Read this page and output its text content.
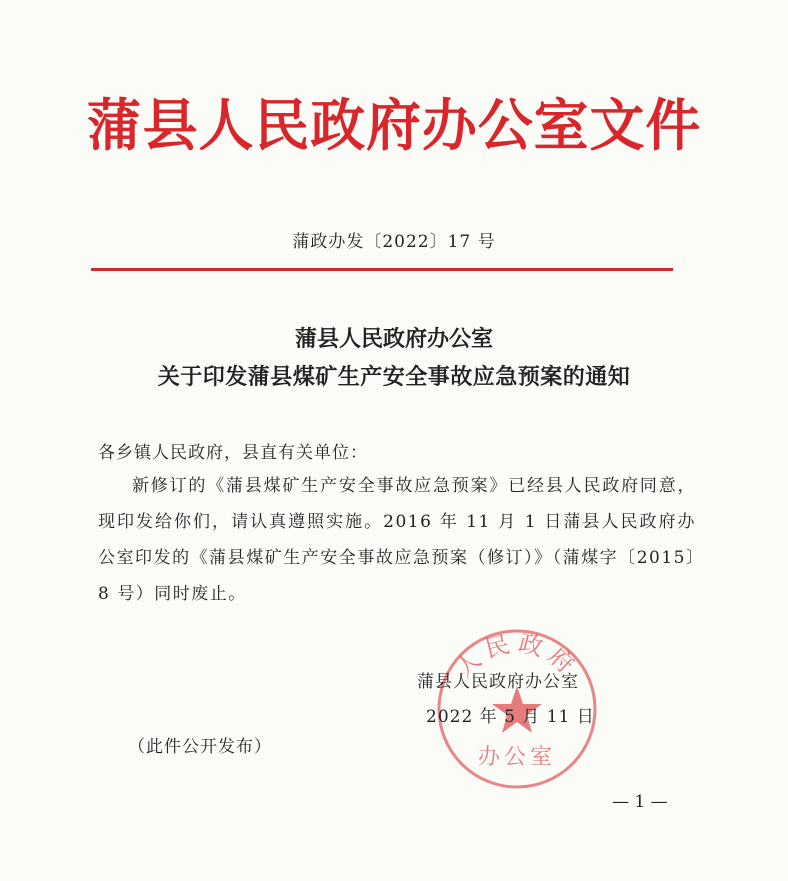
蒲县人民政府办公室文件
蒲政办发〔2022〕17 号
蒲县人民政府办公室
关于印发蒲县煤矿生产安全事故应急预案的通知
各乡镇人民政府，县直有关单位：
新修订的《蒲县煤矿生产安全事故应急预案》已经县人民政府同意，现印发给你们，请认真遵照实施。2016 年 11 月 1 日蒲县人民政府办公室印发的《蒲县煤矿生产安全事故应急预案（修订）》（蒲煤字〔2015〕8 号）同时废止。
人民政府
办公室
蒲县人民政府办公室
2022 年 5 月 11 日
（此件公开发布）
— 1 —
